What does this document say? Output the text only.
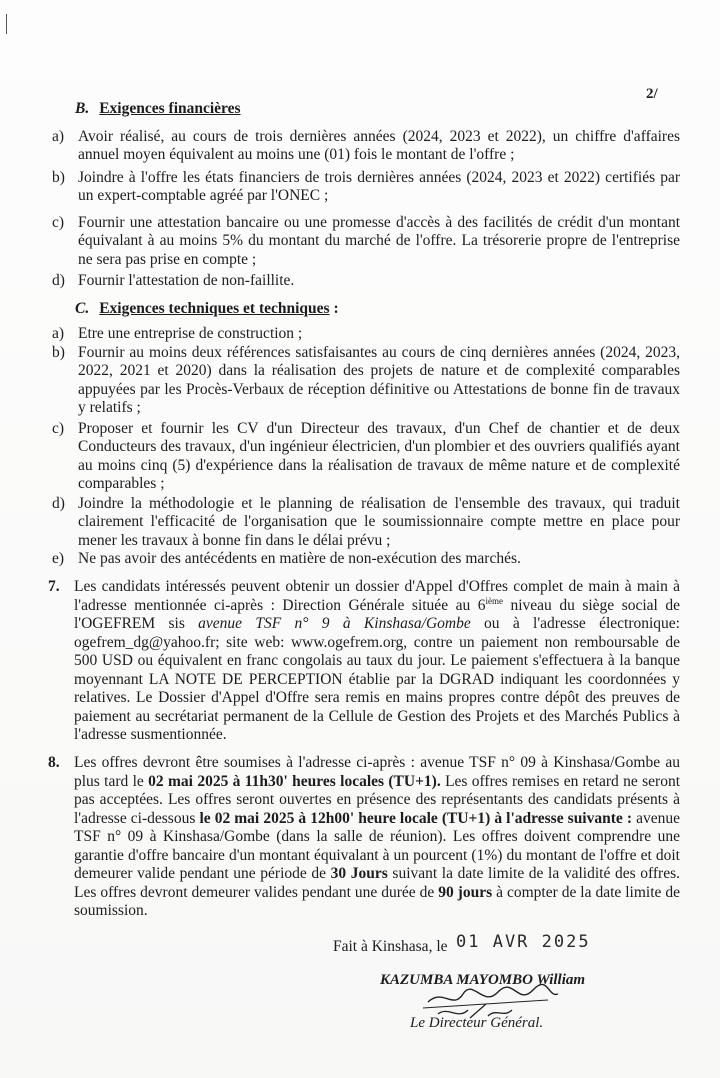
2/
B. Exigences financières
a) Avoir réalisé, au cours de trois dernières années (2024, 2023 et 2022), un chiffre d'affaires annuel moyen équivalent au moins une (01) fois le montant de l'offre ;
b) Joindre à l'offre les états financiers de trois dernières années (2024, 2023 et 2022) certifiés par un expert-comptable agréé par l'ONEC ;
c) Fournir une attestation bancaire ou une promesse d'accès à des facilités de crédit d'un montant équivalant à au moins 5% du montant du marché de l'offre. La trésorerie propre de l'entreprise ne sera pas prise en compte ;
d) Fournir l'attestation de non-faillite.
C. Exigences techniques et techniques :
a) Etre une entreprise de construction ;
b) Fournir au moins deux références satisfaisantes au cours de cinq dernières années (2024, 2023, 2022, 2021 et 2020) dans la réalisation des projets de nature et de complexité comparables appuyées par les Procès-Verbaux de réception définitive ou Attestations de bonne fin de travaux y relatifs ;
c) Proposer et fournir les CV d'un Directeur des travaux, d'un Chef de chantier et de deux Conducteurs des travaux, d'un ingénieur électricien, d'un plombier et des ouvriers qualifiés ayant au moins cinq (5) d'expérience dans la réalisation de travaux de même nature et de complexité comparables ;
d) Joindre la méthodologie et le planning de réalisation de l'ensemble des travaux, qui traduit clairement l'efficacité de l'organisation que le soumissionnaire compte mettre en place pour mener les travaux à bonne fin dans le délai prévu ;
e) Ne pas avoir des antécédents en matière de non-exécution des marchés.
7. Les candidats intéressés peuvent obtenir un dossier d'Appel d'Offres complet de main à main à l'adresse mentionnée ci-après : Direction Générale située au 6ième niveau du siège social de l'OGEFREM sis avenue TSF n° 9 à Kinshasa/Gombe ou à l'adresse électronique: ogefrem_dg@yahoo.fr; site web: www.ogefrem.org, contre un paiement non remboursable de 500 USD ou équivalent en franc congolais au taux du jour. Le paiement s'effectuera à la banque moyennant LA NOTE DE PERCEPTION établie par la DGRAD indiquant les coordonnées y relatives. Le Dossier d'Appel d'Offre sera remis en mains propres contre dépôt des preuves de paiement au secrétariat permanent de la Cellule de Gestion des Projets et des Marchés Publics à l'adresse susmentionnée.
8. Les offres devront être soumises à l'adresse ci-après : avenue TSF n° 09 à Kinshasa/Gombe au plus tard le 02 mai 2025 à 11h30' heures locales (TU+1). Les offres remises en retard ne seront pas acceptées. Les offres seront ouvertes en présence des représentants des candidats présents à l'adresse ci-dessous le 02 mai 2025 à 12h00' heure locale (TU+1) à l'adresse suivante : avenue TSF n° 09 à Kinshasa/Gombe (dans la salle de réunion). Les offres doivent comprendre une garantie d'offre bancaire d'un montant équivalant à un pourcent (1%) du montant de l'offre et doit demeurer valide pendant une période de 30 Jours suivant la date limite de la validité des offres. Les offres devront demeurer valides pendant une durée de 90 jours à compter de la date limite de soumission.
Fait à Kinshasa, le 01 AVR 2025
KAZUMBA MAYOMBO William
Le Directeur Général.
